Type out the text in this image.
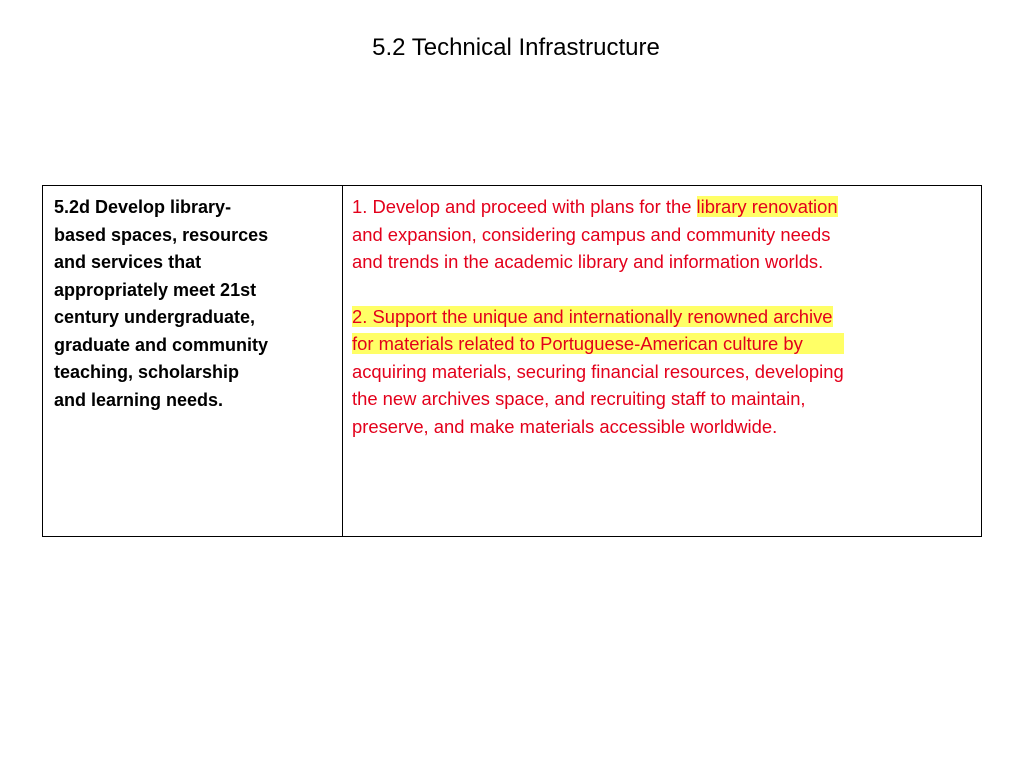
5.2 Technical Infrastructure
5.2d Develop library-
based spaces, resources
and services that
appropriately meet 21st
century undergraduate,
graduate and community
teaching, scholarship
and learning needs.
1. Develop and proceed with plans for the library renovation
and expansion, considering campus and community needs
and trends in the academic library and information worlds.
2. Support the unique and internationally renowned archive
for materials related to Portuguese-American culture by
acquiring materials, securing financial resources, developing
the new archives space, and recruiting staff to maintain,
preserve, and make materials accessible worldwide.
